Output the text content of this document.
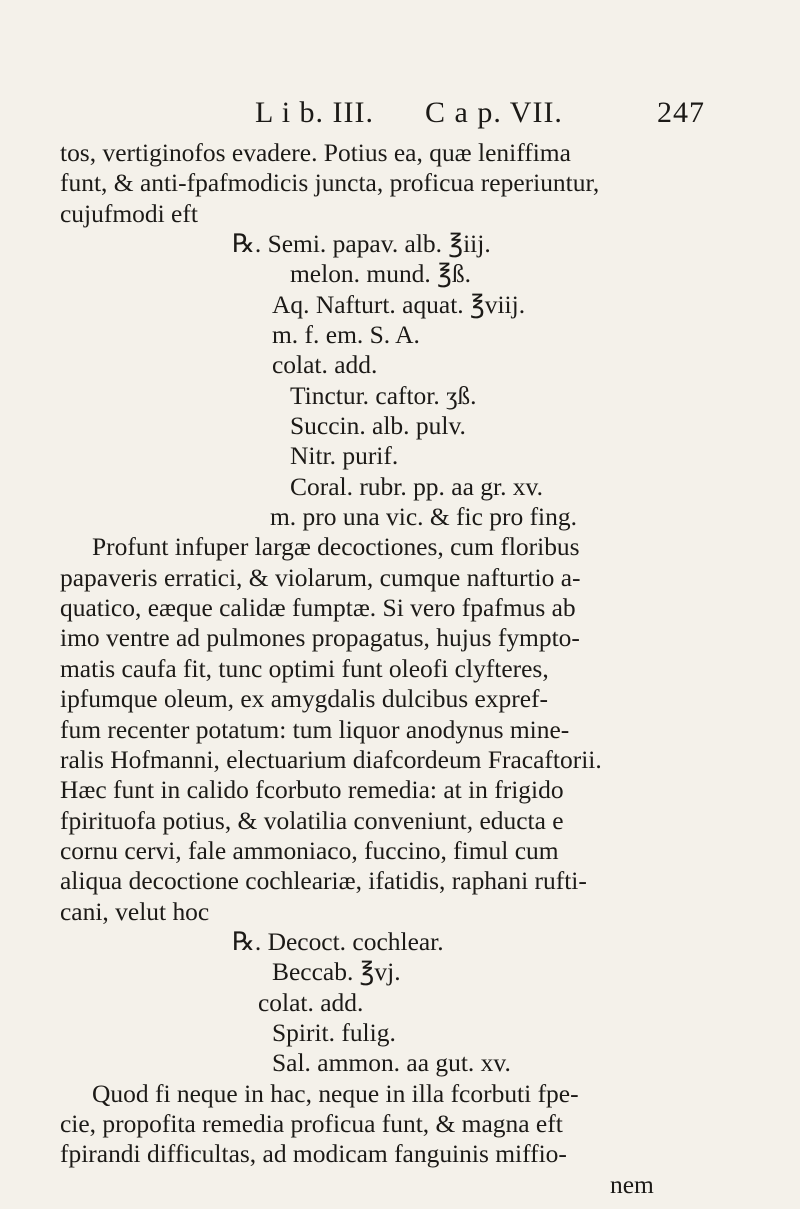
L i b. III. C a p. VII.	247
tos, vertiginofos evadere. Potius ea, quæ leniffima
funt, & anti-fpafmodicis juncta, proficua reperiuntur,
cujufmodi eft
℞. Semi. papav. alb. ℥iij.
melon. mund. ℥ß.
Aq. Nafturt. aquat. ℥viij.
m. f. em. S. A.
colat. add.
Tinctur. caftor. ʒß.
Succin. alb. pulv.
Nitr. purif.
Coral. rubr. pp. aa gr. xv.
m. pro una vic. & fic pro fing.
Profunt infuper largæ decoctiones, cum floribus
papaveris erratici, & violarum, cumque nafturtio a-
quatico, eæque calidæ fumptæ. Si vero fpafmus ab
imo ventre ad pulmones propagatus, hujus fympto-
matis caufa fit, tunc optimi funt oleofi clyfteres,
ipfumque oleum, ex amygdalis dulcibus expref-
fum recenter potatum: tum liquor anodynus mine-
ralis Hofmanni, electuarium diafcordeum Fracaftorii.
Hæc funt in calido fcorbuto remedia: at in frigido
fpirituofa potius, & volatilia conveniunt, educta e
cornu cervi, fale ammoniaco, fuccino, fimul cum
aliqua decoctione cochleariæ, ifatidis, raphani rufti-
cani, velut hoc
℞. Decoct. cochlear.
Beccab. ℥vj.
colat. add.
Spirit. fulig.
Sal. ammon. aa gut. xv.
Quod fi neque in hac, neque in illa fcorbuti fpe-
cie, propofita remedia proficua funt, & magna eft
fpirandi difficultas, ad modicam fanguinis miffio-
nem
